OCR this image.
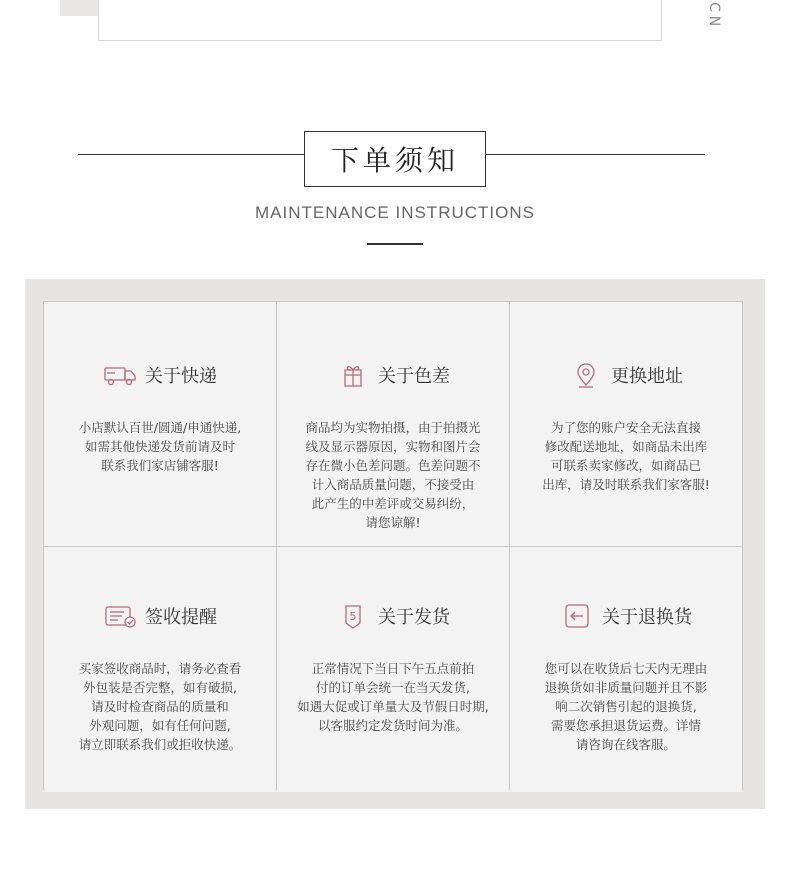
C
N
下单须知
MAINTENANCE INSTRUCTIONS
关于快递
小店默认百世/圆通/申通快递,
如需其他快递发货前请及时
联系我们家店铺客服!
关于色差
商品均为实物拍摄，由于拍摄光
线及显示器原因，实物和图片会
存在微小色差问题。色差问题不
计入商品质量问题，不接受由
此产生的中差评或交易纠纷，
请您谅解!
更换地址
为了您的账户安全无法直接
修改配送地址，如商品未出库
可联系卖家修改，如商品已
出库，请及时联系我们家客服!
签收提醒
买家签收商品时，请务必查看
外包装是否完整，如有破损,
请及时检查商品的质量和
外观问题，如有任何问题,
请立即联系我们或拒收快递。
5 关于发货
正常情况下当日下午五点前拍
付的订单会统一在当天发货,
如遇大促或订单量大及节假日时期,
以客服约定发货时间为准。
关于退换货
您可以在收货后七天内无理由
退换货如非质量问题并且不影
响二次销售引起的退换货,
需要您承担退货运费。详情
请咨询在线客服。
